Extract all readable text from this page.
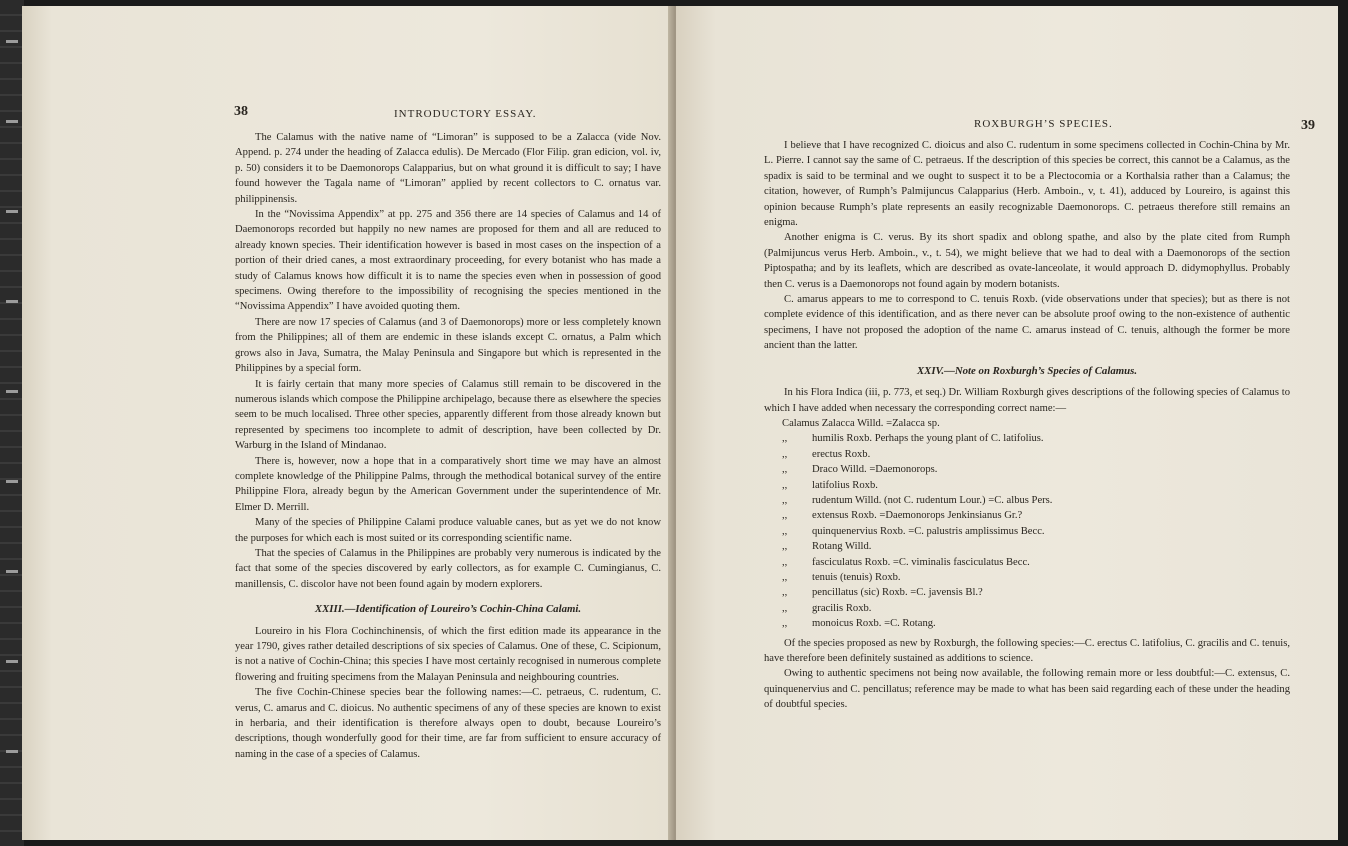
38	INTRODUCTORY ESSAY.

The Calamus with the native name of “Limoran” is supposed to be a Zalacca (vide Nov. Append. p. 274 under the heading of Zalacca edulis). De Mercado (Flor Filip. gran edicion, vol. iv, p. 50) considers it to be Daemonorops Calapparius, but on what ground it is difficult to say; I have found however the Tagala name of “Limoran” applied by recent collectors to C. ornatus var. philippinensis.

In the “Novissima Appendix” at pp. 275 and 356 there are 14 species of Calamus and 14 of Daemonorops recorded but happily no new names are proposed for them and all are reduced to already known species. Their identification however is based in most cases on the inspection of a portion of their dried canes, a most extraordinary proceeding, for every botanist who has made a study of Calamus knows how difficult it is to name the species even when in possession of good specimens. Owing therefore to the impossibility of recognising the species mentioned in the “Novissima Appendix” I have avoided quoting them.

There are now 17 species of Calamus (and 3 of Daemonorops) more or less completely known from the Philippines; all of them are endemic in these islands except C. ornatus, a Palm which grows also in Java, Sumatra, the Malay Peninsula and Singapore but which is represented in the Philippines by a special form.

It is fairly certain that many more species of Calamus still remain to be discovered in the numerous islands which compose the Philippine archipelago, because there as elsewhere the species seem to be much localised. Three other species, apparently different from those already known but represented by specimens too incomplete to admit of description, have been collected by Dr. Warburg in the Island of Mindanao.

There is, however, now a hope that in a comparatively short time we may have an almost complete knowledge of the Philippine Palms, through the methodical botanical survey of the entire Philippine Flora, already begun by the American Government under the superintendence of Mr. Elmer D. Merrill.

Many of the species of Philippine Calami produce valuable canes, but as yet we do not know the purposes for which each is most suited or its corresponding scientific name.

That the species of Calamus in the Philippines are probably very numerous is indicated by the fact that some of the species discovered by early collectors, as for example C. Cumingianus, C. manillensis, C. discolor have not been found again by modern explorers.

XXIII.—Identification of Loureiro’s Cochin-China Calami.

Loureiro in his Flora Cochinchinensis, of which the first edition made its appearance in the year 1790, gives rather detailed descriptions of six species of Calamus. One of these, C. Scipionum, is not a native of Cochin-China; this species I have most certainly recognised in numerous complete flowering and fruiting specimens from the Malayan Peninsula and neighbouring countries.

The five Cochin-Chinese species bear the following names:—C. petraeus, C. rudentum, C. verus, C. amarus and C. dioicus. No authentic specimens of any of these species are known to exist in herbaria, and their identification is therefore always open to doubt, because Loureiro’s descriptions, though wonderfully good for their time, are far from sufficient to ensure accuracy of naming in the case of a species of Calamus.

ROXBURGH’S SPECIES.	39

I believe that I have recognized C. dioicus and also C. rudentum in some specimens collected in Cochin-China by Mr. L. Pierre. I cannot say the same of C. petraeus. If the description of this species be correct, this cannot be a Calamus, as the spadix is said to be terminal and we ought to suspect it to be a Plectocomia or a Korthalsia rather than a Calamus; the citation, however, of Rumph’s Palmijuncus Calapparius (Herb. Amboin., v, t. 41), adduced by Loureiro, is against this opinion because Rumph’s plate represents an easily recognizable Daemonorops. C. petraeus therefore still remains an enigma.

Another enigma is C. verus. By its short spadix and oblong spathe, and also by the plate cited from Rumph (Palmijuncus verus Herb. Amboin., v., t. 54), we might believe that we had to deal with a Daemonorops of the section Piptospatha; and by its leaflets, which are described as ovate-lanceolate, it would approach D. didymophyllus. Probably then C. verus is a Daemonorops not found again by modern botanists.

C. amarus appears to me to correspond to C. tenuis Roxb. (vide observations under that species); but as there is not complete evidence of this identification, and as there never can be absolute proof owing to the non-existence of authentic specimens, I have not proposed the adoption of the name C. amarus instead of C. tenuis, although the former be more ancient than the latter.

XXIV.—Note on Roxburgh’s Species of Calamus.

In his Flora Indica (iii, p. 773, et seq.) Dr. William Roxburgh gives descriptions of the following species of Calamus to which I have added when necessary the corresponding correct name:—

Calamus Zalacca Willd. =Zalacca sp.
,, humilis Roxb. Perhaps the young plant of C. latifolius.
,, erectus Roxb.
,, Draco Willd. =Daemonorops.
,, latifolius Roxb.
,, rudentum Willd. (not C. rudentum Lour.) =C. albus Pers.
,, extensus Roxb. =Daemonorops Jenkinsianus Gr.?
,, quinquenervius Roxb. =C. palustris amplissimus Becc.
,, Rotang Willd.
,, fasciculatus Roxb. =C. viminalis fasciculatus Becc.
,, tenuis (tenuis) Roxb.
,, pencillatus (sic) Roxb. =C. javensis Bl.?
,, gracilis Roxb.
,, monoicus Roxb. =C. Rotang.

Of the species proposed as new by Roxburgh, the following species:—C. erectus C. latifolius, C. gracilis and C. tenuis, have therefore been definitely sustained as additions to science.

Owing to authentic specimens not being now available, the following remain more or less doubtful:—C. extensus, C. quinquenervius and C. pencillatus; reference may be made to what has been said regarding each of these under the heading of doubtful species.
